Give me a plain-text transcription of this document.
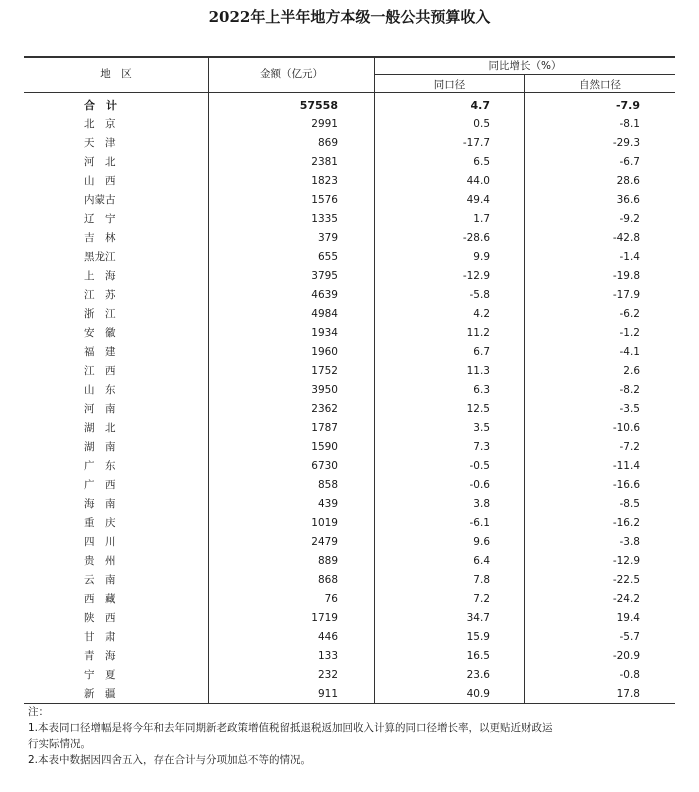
2022年上半年地方本级一般公共预算收入
地　区	金额（亿元）
同比增长（%）
同口径	自然口径
合　计	57558	4.7	-7.9
北　京	2991	0.5	-8.1
天　津	869	-17.7	-29.3
河　北	2381	6.5	-6.7
山　西	1823	44.0	28.6
内蒙古	1576	49.4	36.6
辽　宁	1335	1.7	-9.2
吉　林	379	-28.6	-42.8
黑龙江	655	9.9	-1.4
上　海	3795	-12.9	-19.8
江　苏	4639	-5.8	-17.9
浙　江	4984	4.2	-6.2
安　徽	1934	11.2	-1.2
福　建	1960	6.7	-4.1
江　西	1752	11.3	2.6
山　东	3950	6.3	-8.2
河　南	2362	12.5	-3.5
湖　北	1787	3.5	-10.6
湖　南	1590	7.3	-7.2
广　东	6730	-0.5	-11.4
广　西	858	-0.6	-16.6
海　南	439	3.8	-8.5
重　庆	1019	-6.1	-16.2
四　川	2479	9.6	-3.8
贵　州	889	6.4	-12.9
云　南	868	7.8	-22.5
西　藏	76	7.2	-24.2
陕　西	1719	34.7	19.4
甘　肃	446	15.9	-5.7
青　海	133	16.5	-20.9
宁　夏	232	23.6	-0.8
新　疆	911	40.9	17.8
注：
1.本表同口径增幅是将今年和去年同期新老政策增值税留抵退税返加回收入计算的同口径增长率，以更贴近财政运
行实际情况。
2.本表中数据因四舍五入，存在合计与分项加总不等的情况。
